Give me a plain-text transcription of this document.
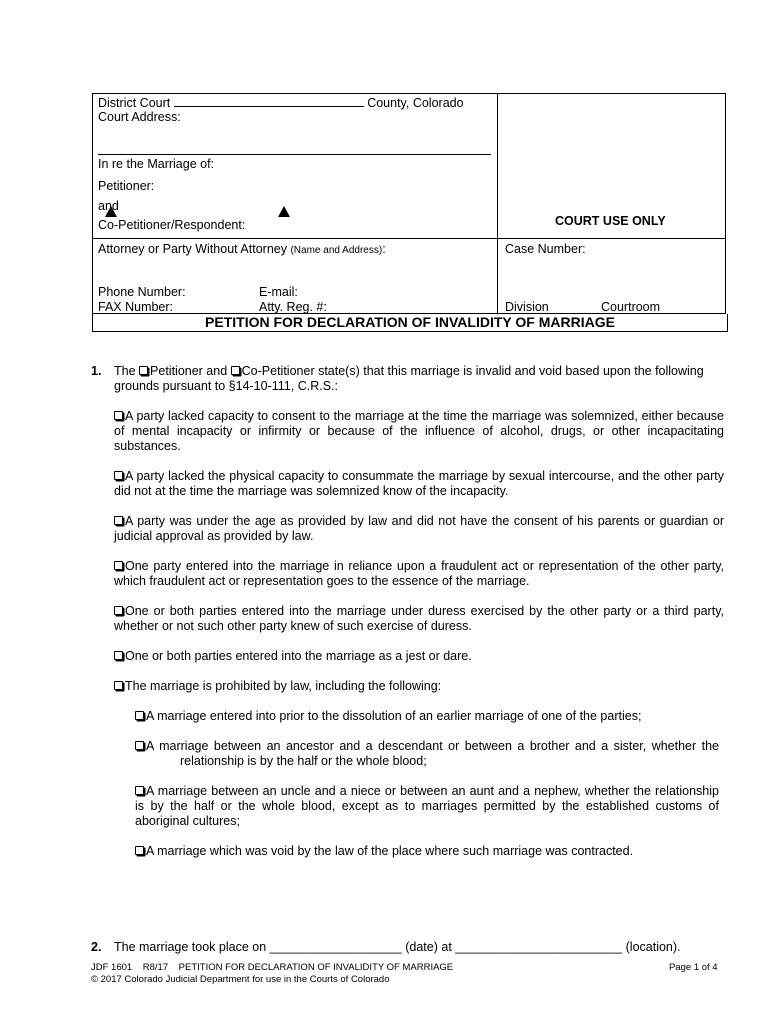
District Court	County, Colorado
Court Address:
In re the Marriage of:
Petitioner:
and
Co-Petitioner/Respondent:	COURT USE ONLY
Attorney or Party Without Attorney (Name and Address):	Case Number:
Phone Number:	E-mail:
FAX Number:	Atty. Reg. #:	Division	Courtroom
PETITION FOR DECLARATION OF INVALIDITY OF MARRIAGE
1. The Petitioner and Co-Petitioner state(s) that this marriage is invalid and void based upon the following
grounds pursuant to §14-10-111, C.R.S.:
A party lacked capacity to consent to the marriage at the time the marriage was solemnized, either because of mental incapacity or infirmity or because of the influence of alcohol, drugs, or other incapacitating substances.
A party lacked the physical capacity to consummate the marriage by sexual intercourse, and the other party did not at the time the marriage was solemnized know of the incapacity.
A party was under the age as provided by law and did not have the consent of his parents or guardian or judicial approval as provided by law.
One party entered into the marriage in reliance upon a fraudulent act or representation of the other party, which fraudulent act or representation goes to the essence of the marriage.
One or both parties entered into the marriage under duress exercised by the other party or a third party, whether or not such other party knew of such exercise of duress.
One or both parties entered into the marriage as a jest or dare.
The marriage is prohibited by law, including the following:
A marriage entered into prior to the dissolution of an earlier marriage of one of the parties;
A marriage between an ancestor and a descendant or between a brother and a sister, whether the
relationship is by the half or the whole blood;
A marriage between an uncle and a niece or between an aunt and a nephew, whether the relationship is by the half or the whole blood, except as to marriages permitted by the established customs of aboriginal cultures;
A marriage which was void by the law of the place where such marriage was contracted.
2. The marriage took place on ___________________ (date) at ________________________ (location).
JDF 1601 R8/17 PETITION FOR DECLARATION OF INVALIDITY OF MARRIAGE	Page 1 of 4
© 2017 Colorado Judicial Department for use in the Courts of Colorado
